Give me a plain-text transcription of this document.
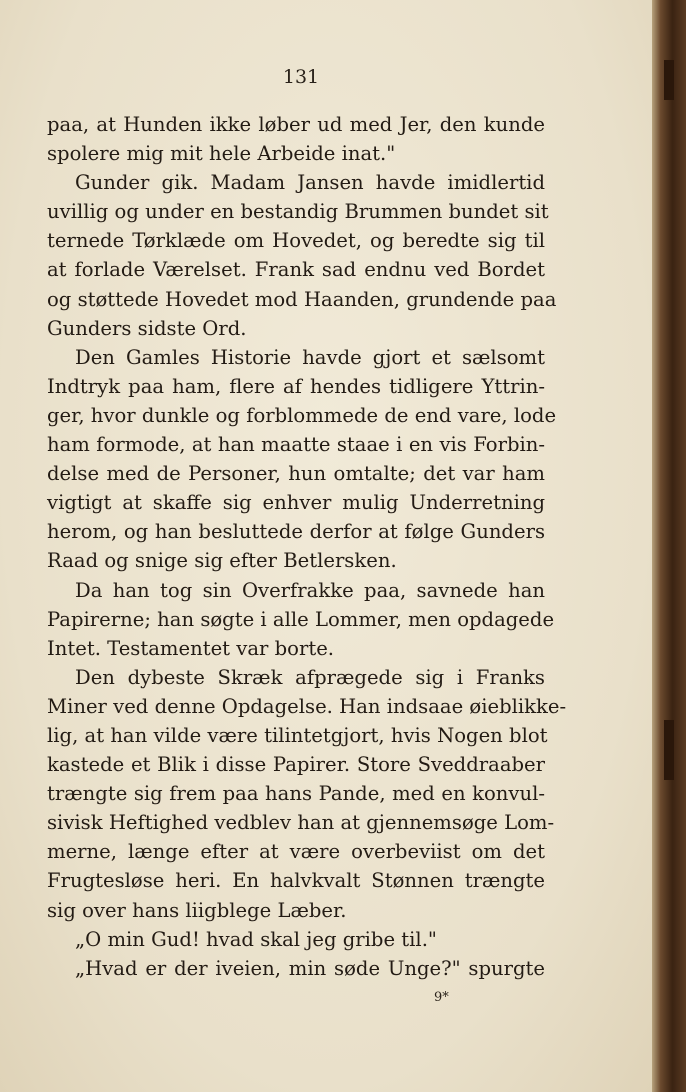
131
paa, at Hunden ikke løber ud med Jer, den kunde
spolere mig mit hele Arbeide inat."
Gunder gik. Madam Jansen havde imidlertid
uvillig og under en bestandig Brummen bundet sit
ternede Tørklæde om Hovedet, og beredte sig til
at forlade Værelset. Frank sad endnu ved Bordet
og støttede Hovedet mod Haanden, grundende paa
Gunders sidste Ord.
Den Gamles Historie havde gjort et sælsomt
Indtryk paa ham, flere af hendes tidligere Yttrin-
ger, hvor dunkle og forblommede de end vare, lode
ham formode, at han maatte staae i en vis Forbin-
delse med de Personer, hun omtalte; det var ham
vigtigt at skaffe sig enhver mulig Underretning
herom, og han besluttede derfor at følge Gunders
Raad og snige sig efter Betlersken.
Da han tog sin Overfrakke paa, savnede han
Papirerne; han søgte i alle Lommer, men opdagede
Intet. Testamentet var borte.
Den dybeste Skræk afprægede sig i Franks
Miner ved denne Opdagelse. Han indsaae øieblikke-
lig, at han vilde være tilintetgjort, hvis Nogen blot
kastede et Blik i disse Papirer. Store Sveddraaber
trængte sig frem paa hans Pande, med en konvul-
sivisk Heftighed vedblev han at gjennemsøge Lom-
merne, længe efter at være overbeviist om det
Frugtesløse heri. En halvkvalt Stønnen trængte
sig over hans liigblege Læber.
„O min Gud! hvad skal jeg gribe til."
„Hvad er der iveien, min søde Unge?" spurgte
9*
